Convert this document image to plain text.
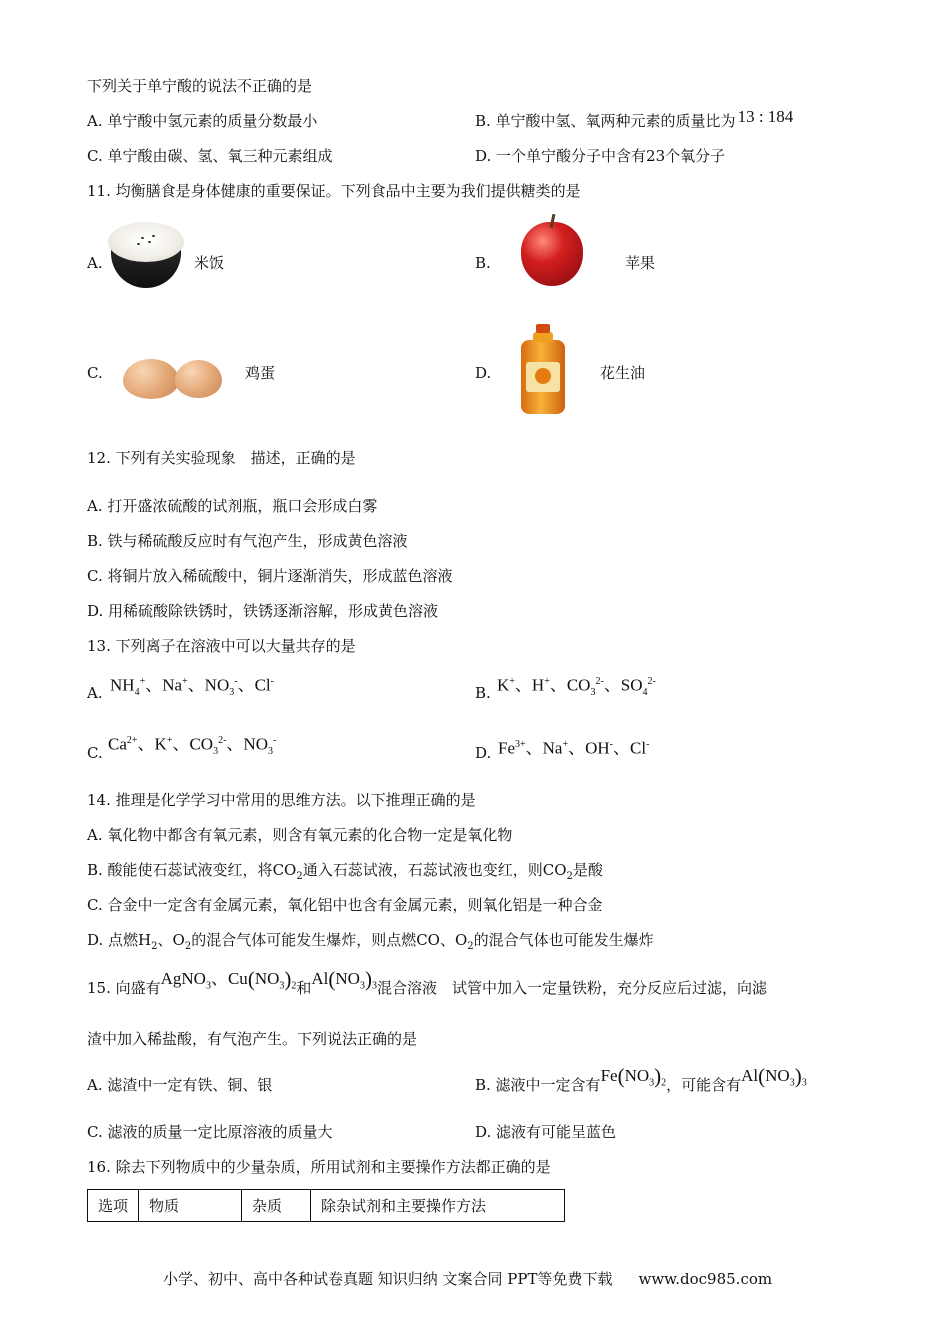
下列关于单宁酸的说法不正确的是
A. 单宁酸中氢元素的质量分数最小	B. 单宁酸中氢、氧两种元素的质量比为 13 : 184
C. 单宁酸由碳、氢、氧三种元素组成	D. 一个单宁酸分子中含有23个氧分子
11. 均衡膳食是身体健康的重要保证。下列食品中主要为我们提供糖类的是
A.	米饭	B.	苹果
C.	鸡蛋	D.	花生油
12. 下列有关实验现象　描述，正确的是
A. 打开盛浓硫酸的试剂瓶，瓶口会形成白雾
B. 铁与稀硫酸反应时有气泡产生，形成黄色溶液
C. 将铜片放入稀硫酸中，铜片逐渐消失，形成蓝色溶液
D. 用稀硫酸除铁锈时，铁锈逐渐溶解，形成黄色溶液
13. 下列离子在溶液中可以大量共存的是
A. $NH_4^+$、Na+、$NO_3^-$、Cl-
B. K+、H+、$CO_3^{2-}$、$SO_4^{2-}$
C. $Ca^{2+}$、K+、$CO_3^{2-}$、$NO_3^-$
D. $Fe^{3+}$、Na+、OH-、Cl-
14. 推理是化学学习中常用的思维方法。以下推理正确的是
A. 氧化物中都含有氧元素，则含有氧元素的化合物一定是氧化物
B. 酸能使石蕊试液变红，将$CO_2$通入石蕊试液，石蕊试液也变红，则$CO_2$是酸
C. 合金中一定含有金属元素，氧化铝中也含有金属元素，则氧化铝是一种合金
D. 点燃$H_2$、$O_2$的混合气体可能发生爆炸，则点燃CO、$O_2$的混合气体也可能发生爆炸
15. 向盛有AgNO$_3$、$Cu(NO_3)_2$和$Al(NO_3)_3$混合溶液　试管中加入一定量铁粉，充分反应后过滤，向滤
渣中加入稀盐酸，有气泡产生。下列说法正确的是
A. 滤渣中一定有铁、铜、银	B. 滤液中一定含有$Fe(NO_3)_2$，可能含有$Al(NO_3)_3$
C. 滤液的质量一定比原溶液的质量大	D. 滤液有可能呈蓝色
16. 除去下列物质中的少量杂质，所用试剂和主要操作方法都正确的是
选项	物质	杂质	除杂试剂和主要操作方法
小学、初中、高中各种试卷真题 知识归纳 文案合同 PPT等免费下载 www.doc985.com
